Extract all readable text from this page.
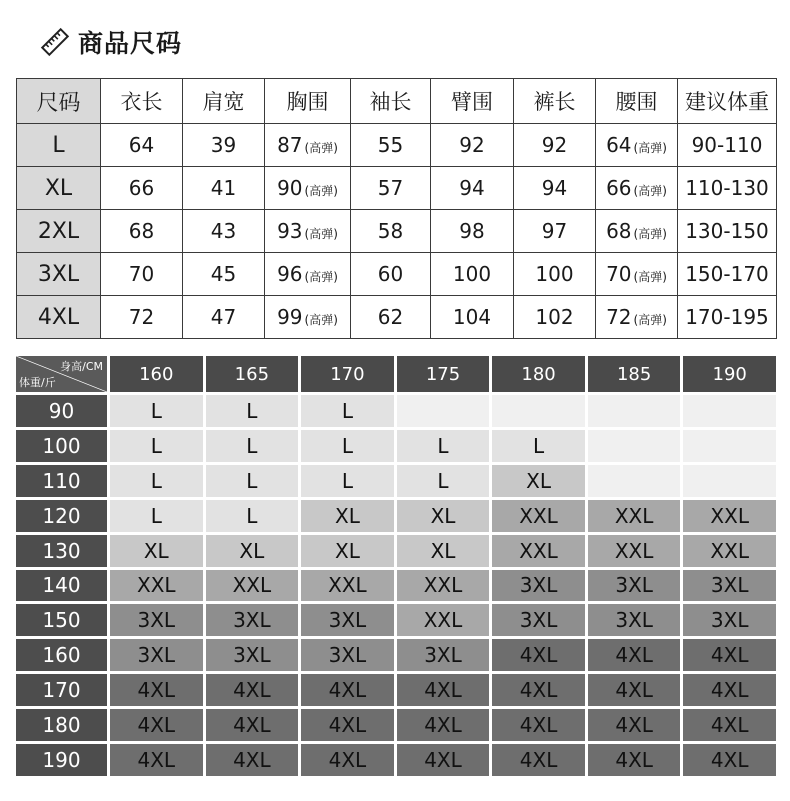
商品尺码
尺码	衣长	肩宽	胸围	袖长	臂围	裤长	腰围	建议体重
L	64	39	87 (高弹)	55	92	92	64 (高弹)	90-110
XL	66	41	90 (高弹)	57	94	94	66 (高弹)	110-130
2XL	68	43	93 (高弹)	58	98	97	68 (高弹)	130-150
3XL	70	45	96 (高弹)	60	100	100	70 (高弹)	150-170
4XL	72	47	99 (高弹)	62	104	102	72 (高弹)	170-195
身高/CM
体重/斤	160	165	170	175	180	185	190
90	L	L	L
100	L	L	L	L	L
110	L	L	L	L	XL
120	L	L	XL	XL	XXL	XXL	XXL
130	XL	XL	XL	XL	XXL	XXL	XXL
140	XXL	XXL	XXL	XXL	3XL	3XL	3XL
150	3XL	3XL	3XL	XXL	3XL	3XL	3XL
160	3XL	3XL	3XL	3XL	4XL	4XL	4XL
170	4XL	4XL	4XL	4XL	4XL	4XL	4XL
180	4XL	4XL	4XL	4XL	4XL	4XL	4XL
190	4XL	4XL	4XL	4XL	4XL	4XL	4XL
